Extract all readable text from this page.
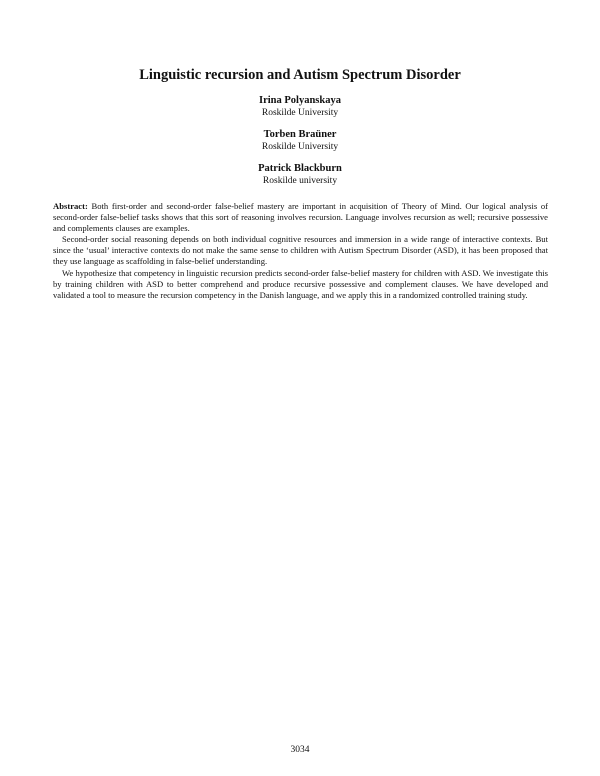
Linguistic recursion and Autism Spectrum Disorder
Irina Polyanskaya
Roskilde University
Torben Braüner
Roskilde University
Patrick Blackburn
Roskilde university

Abstract: Both first-order and second-order false-belief mastery are important in acquisition of Theory of Mind. Our logical analysis of second-order false-belief tasks shows that this sort of reasoning involves recursion. Language involves recursion as well; recursive possessive and complements clauses are examples.

Second-order social reasoning depends on both individual cognitive resources and immersion in a wide range of interactive contexts. But since the ‘usual’ interactive contexts do not make the same sense to children with Autism Spectrum Disorder (ASD), it has been proposed that they use language as scaffolding in false-belief understanding.

We hypothesize that competency in linguistic recursion predicts second-order false-belief mastery for children with ASD. We investigate this by training children with ASD to better comprehend and produce recursive possessive and complement clauses. We have developed and validated a tool to measure the recursion competency in the Danish language, and we apply this in a randomized controlled training study.

3034
